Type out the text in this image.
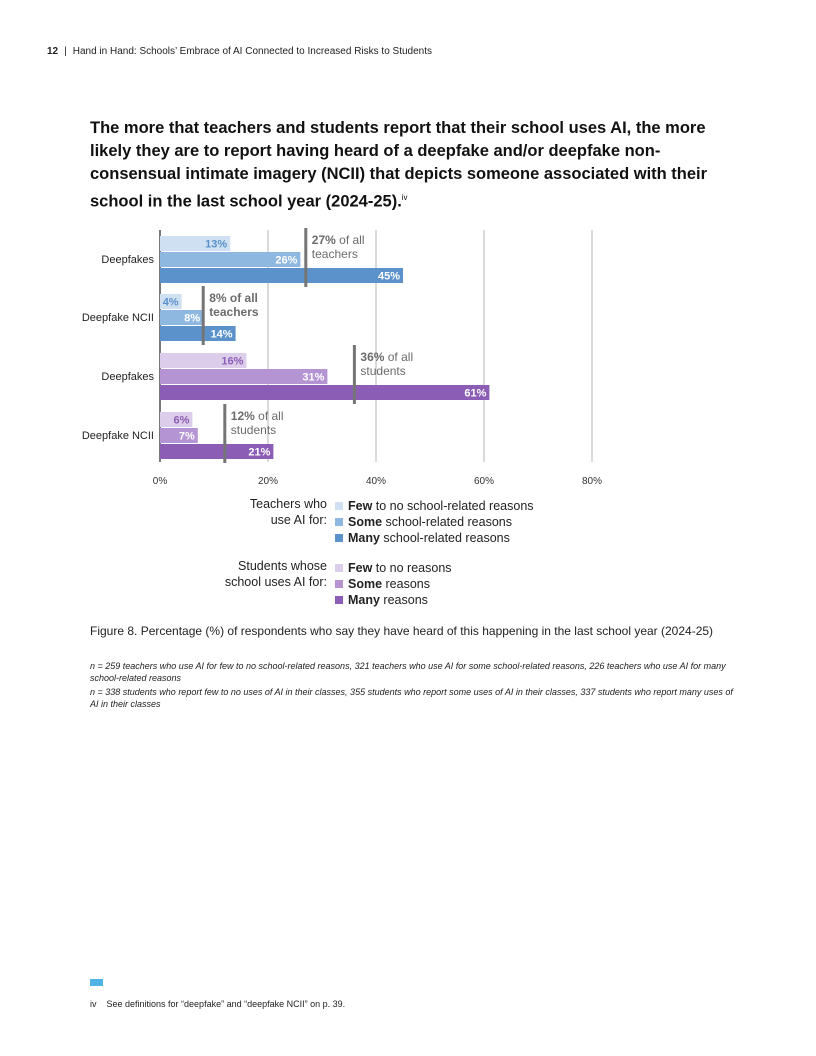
12 | Hand in Hand: Schools’ Embrace of AI Connected to Increased Risks to Students
The more that teachers and students report that their school uses AI, the more likely they are to report having heard of a deepfake and/or deepfake non-consensual intimate imagery (NCII) that depicts someone associated with their school in the last school year (2024-25).$^{iv}$
0%	20%	40%	60%	80%
Deepfakes
13%
26%
45%
27% of all
teachers
Deepfake NCII
4%
8%
14%
8% of all
teachers
Deepfakes
16%
31%
61%
36% of all
students
Deepfake NCII
6%
7%
21%
12% of all
students
Teachers who
use AI for:
Few to no school-related reasons
Some school-related reasons
Many school-related reasons
Students whose
school uses AI for:
Few to no reasons
Some reasons
Many reasons
Figure 8. Percentage (%) of respondents who say they have heard of this happening in the last school year (2024-25)
n = 259 teachers who use AI for few to no school-related reasons, 321 teachers who use AI for some school-related reasons, 226 teachers who use AI for many school-related reasons
n = 338 students who report few to no uses of AI in their classes, 355 students who report some uses of AI in their classes, 337 students who report many uses of AI in their classes
iv See definitions for “deepfake” and “deepfake NCII” on p. 39.
